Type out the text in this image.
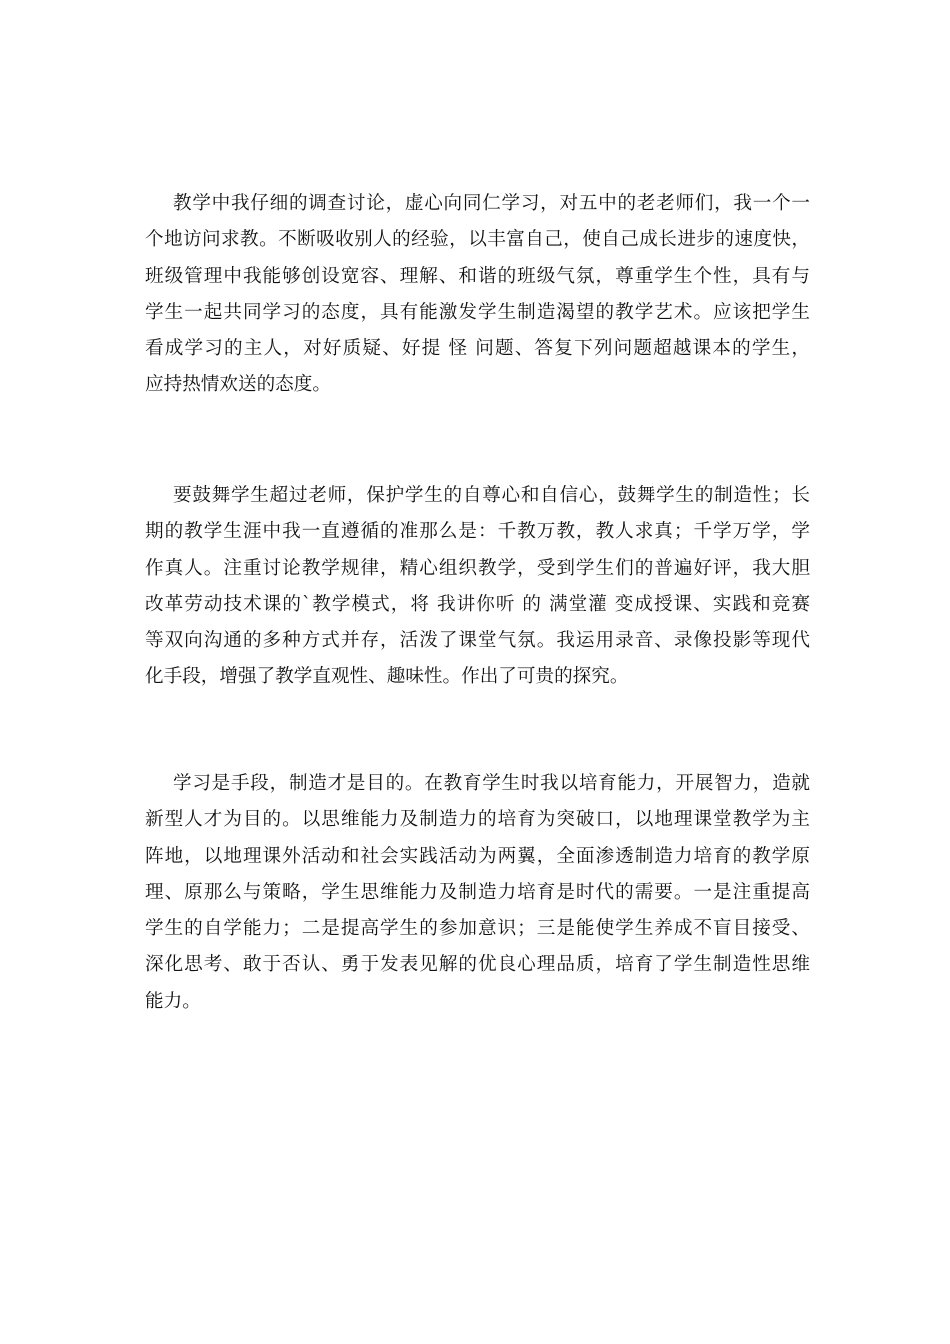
教学中我仔细的调查讨论，虚心向同仁学习，对五中的老老师们，我一个一
个地访问求教。不断吸收别人的经验，以丰富自己，使自己成长进步的速度快，
班级管理中我能够创设宽容、理解、和谐的班级气氛，尊重学生个性，具有与
学生一起共同学习的态度，具有能激发学生制造渴望的教学艺术。应该把学生
看成学习的主人，对好质疑、好提 怪 问题、答复下列问题超越课本的学生，
应持热情欢送的态度。
要鼓舞学生超过老师，保护学生的自尊心和自信心，鼓舞学生的制造性；长
期的教学生涯中我一直遵循的准那么是：千教万教，教人求真；千学万学，学
作真人。注重讨论教学规律，精心组织教学，受到学生们的普遍好评，我大胆
改革劳动技术课的`教学模式，将 我讲你听 的 满堂灌 变成授课、实践和竞赛
等双向沟通的多种方式并存，活泼了课堂气氛。我运用录音、录像投影等现代
化手段，增强了教学直观性、趣味性。作出了可贵的探究。
学习是手段，制造才是目的。在教育学生时我以培育能力，开展智力，造就
新型人才为目的。以思维能力及制造力的培育为突破口，以地理课堂教学为主
阵地，以地理课外活动和社会实践活动为两翼，全面渗透制造力培育的教学原
理、原那么与策略，学生思维能力及制造力培育是时代的需要。一是注重提高
学生的自学能力；二是提高学生的参加意识；三是能使学生养成不盲目接受、
深化思考、敢于否认、勇于发表见解的优良心理品质，培育了学生制造性思维
能力。
